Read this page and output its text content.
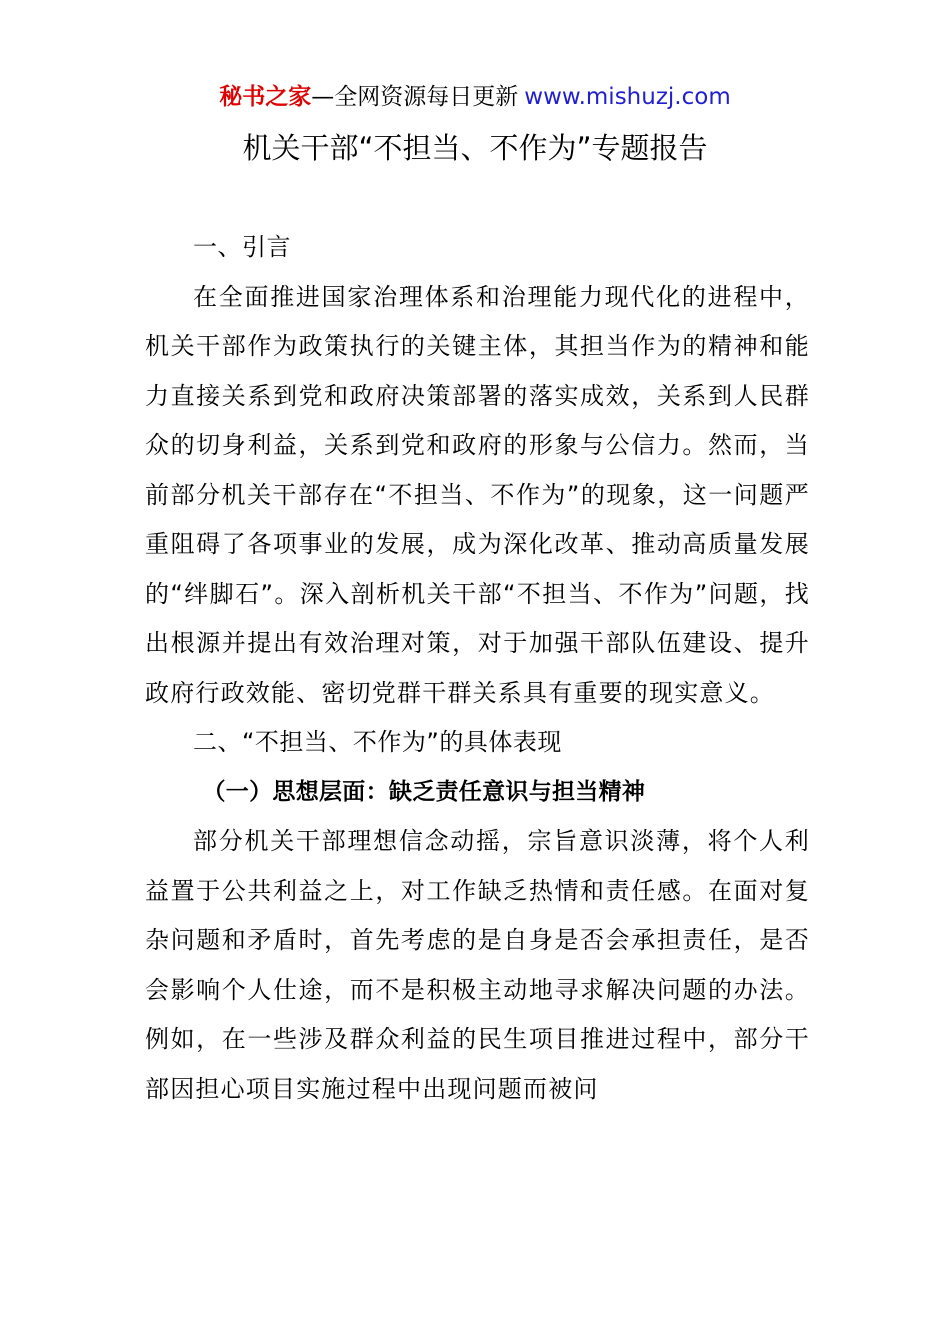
秘书之家—全网资源每日更新 www.mishuzj.com
机关干部“不担当、不作为”专题报告

一、引言

在全面推进国家治理体系和治理能力现代化的进程中，机关干部作为政策执行的关键主体，其担当作为的精神和能力直接关系到党和政府决策部署的落实成效，关系到人民群众的切身利益，关系到党和政府的形象与公信力。然而，当前部分机关干部存在“不担当、不作为”的现象，这一问题严重阻碍了各项事业的发展，成为深化改革、推动高质量发展的“绊脚石”。深入剖析机关干部“不担当、不作为”问题，找出根源并提出有效治理对策，对于加强干部队伍建设、提升政府行政效能、密切党群干群关系具有重要的现实意义。

二、“不担当、不作为”的具体表现

（一）思想层面：缺乏责任意识与担当精神

部分机关干部理想信念动摇，宗旨意识淡薄，将个人利益置于公共利益之上，对工作缺乏热情和责任感。在面对复杂问题和矛盾时，首先考虑的是自身是否会承担责任，是否会影响个人仕途，而不是积极主动地寻求解决问题的办法。例如，在一些涉及群众利益的民生项目推进过程中，部分干部因担心项目实施过程中出现问题而被问
